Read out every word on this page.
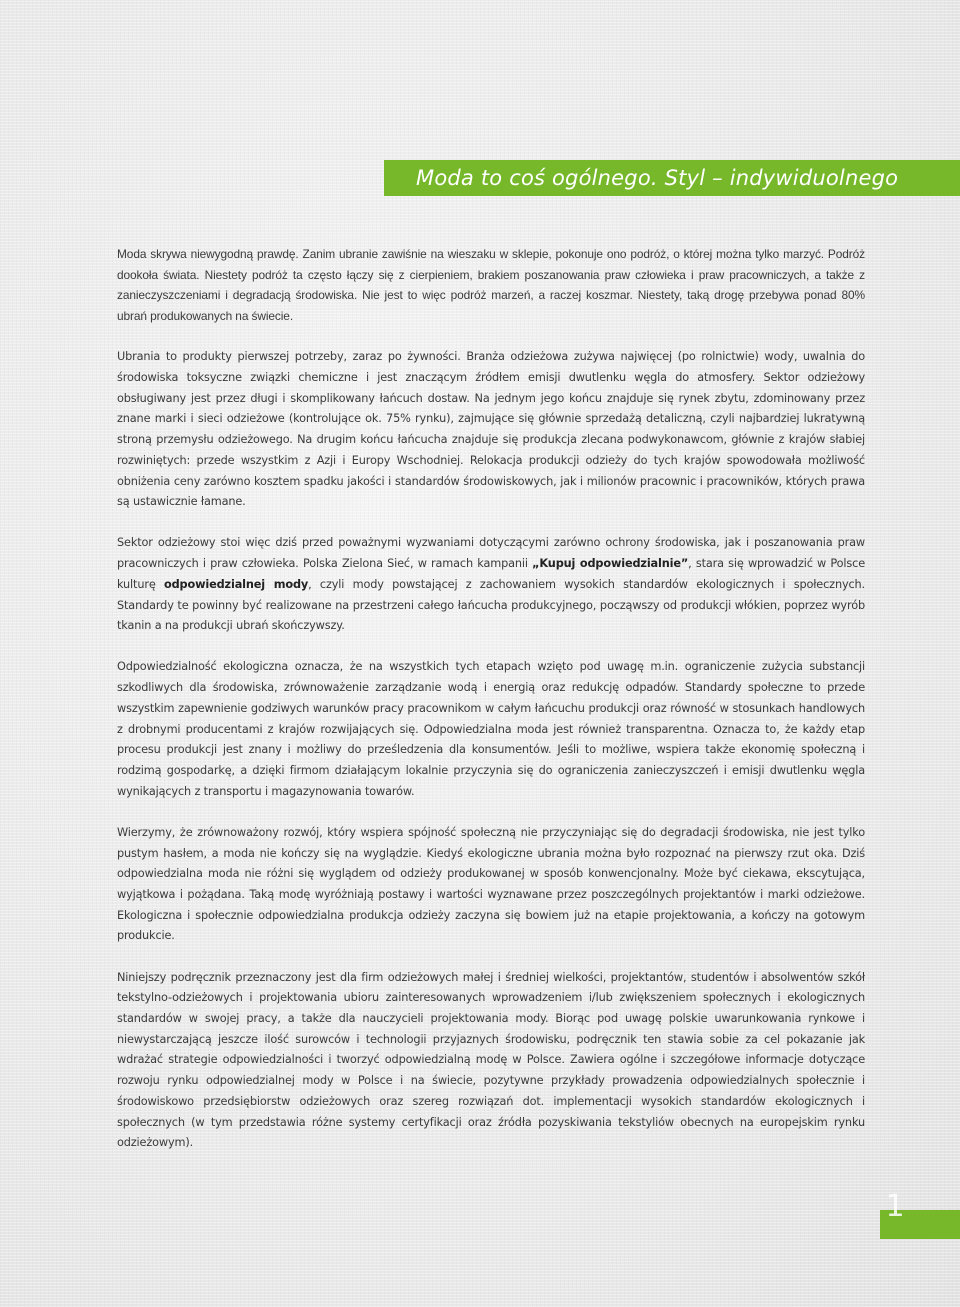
Moda to coś ogólnego. Styl – indywiduolnego

Moda skrywa niewygodną prawdę. Zanim ubranie zawiśnie na wieszaku w sklepie, pokonuje ono podróż, o której można tylko marzyć. Podróż dookoła świata. Niestety podróż ta często łączy się z cierpieniem, brakiem poszanowania praw człowieka i praw pracowniczych, a także z zanieczyszczeniami i degradacją środowiska. Nie jest to więc podróż marzeń, a raczej koszmar. Niestety, taką drogę przebywa ponad 80% ubrań produkowanych na świecie.

Ubrania to produkty pierwszej potrzeby, zaraz po żywności. Branża odzieżowa zużywa najwięcej (po rolnictwie) wody, uwalnia do środowiska toksyczne związki chemiczne i jest znaczącym źródłem emisji dwutlenku węgla do atmosfery. Sektor odzieżowy obsługiwany jest przez długi i skomplikowany łańcuch dostaw. Na jednym jego końcu znajduje się rynek zbytu, zdominowany przez znane marki i sieci odzieżowe (kontrolujące ok. 75% rynku), zajmujące się głównie sprzedażą detaliczną, czyli najbardziej lukratywną stroną przemysłu odzieżowego. Na drugim końcu łańcucha znajduje się produkcja zlecana podwykonawcom, głównie z krajów słabiej rozwiniętych: przede wszystkim z Azji i Europy Wschodniej. Relokacja produkcji odzieży do tych krajów spowodowała możliwość obniżenia ceny zarówno kosztem spadku jakości i standardów środowiskowych, jak i milionów pracownic i pracowników, których prawa są ustawicznie łamane.

Sektor odzieżowy stoi więc dziś przed poważnymi wyzwaniami dotyczącymi zarówno ochrony środowiska, jak i poszanowania praw pracowniczych i praw człowieka. Polska Zielona Sieć, w ramach kampanii „Kupuj odpowiedzialnie”, stara się wprowadzić w Polsce kulturę odpowiedzialnej mody, czyli mody powstającej z zachowaniem wysokich standardów ekologicznych i społecznych. Standardy te powinny być realizowane na przestrzeni całego łańcucha produkcyjnego, począwszy od produkcji włókien, poprzez wyrób tkanin a na produkcji ubrań skończywszy.

Odpowiedzialność ekologiczna oznacza, że na wszystkich tych etapach wzięto pod uwagę m.in. ograniczenie zużycia substancji szkodliwych dla środowiska, zrównoważenie zarządzanie wodą i energią oraz redukcję odpadów. Standardy społeczne to przede wszystkim zapewnienie godziwych warunków pracy pracownikom w całym łańcuchu produkcji oraz równość w stosunkach handlowych z drobnymi producentami z krajów rozwijających się. Odpowiedzialna moda jest również transparentna. Oznacza to, że każdy etap procesu produkcji jest znany i możliwy do prześledzenia dla konsumentów. Jeśli to możliwe, wspiera także ekonomię społeczną i rodzimą gospodarkę, a dzięki firmom działającym lokalnie przyczynia się do ograniczenia zanieczyszczeń i emisji dwutlenku węgla wynikających z transportu i magazynowania towarów.

Wierzymy, że zrównoważony rozwój, który wspiera spójność społeczną nie przyczyniając się do degradacji środowiska, nie jest tylko pustym hasłem, a moda nie kończy się na wyglądzie. Kiedyś ekologiczne ubrania można było rozpoznać na pierwszy rzut oka. Dziś odpowiedzialna moda nie różni się wyglądem od odzieży produkowanej w sposób konwencjonalny. Może być ciekawa, ekscytująca, wyjątkowa i pożądana. Taką modę wyróżniają postawy i wartości wyznawane przez poszczególnych projektantów i marki odzieżowe. Ekologiczna i społecznie odpowiedzialna produkcja odzieży zaczyna się bowiem już na etapie projektowania, a kończy na gotowym produkcie.

Niniejszy podręcznik przeznaczony jest dla firm odzieżowych małej i średniej wielkości, projektantów, studentów i absolwentów szkół tekstylno-odzieżowych i projektowania ubioru zainteresowanych wprowadzeniem i/lub zwiększeniem społecznych i ekologicznych standardów w swojej pracy, a także dla nauczycieli projektowania mody. Biorąc pod uwagę polskie uwarunkowania rynkowe i niewystarczającą jeszcze ilość surowców i technologii przyjaznych środowisku, podręcznik ten stawia sobie za cel pokazanie jak wdrażać strategie odpowiedzialności i tworzyć odpowiedzialną modę w Polsce. Zawiera ogólne i szczegółowe informacje dotyczące rozwoju rynku odpowiedzialnej mody w Polsce i na świecie, pozytywne przykłady prowadzenia odpowiedzialnych społecznie i środowiskowo przedsiębiorstw odzieżowych oraz szereg rozwiązań dot. implementacji wysokich standardów ekologicznych i społecznych (w tym przedstawia różne systemy certyfikacji oraz źródła pozyskiwania tekstyliów obecnych na europejskim rynku odzieżowym).

1
